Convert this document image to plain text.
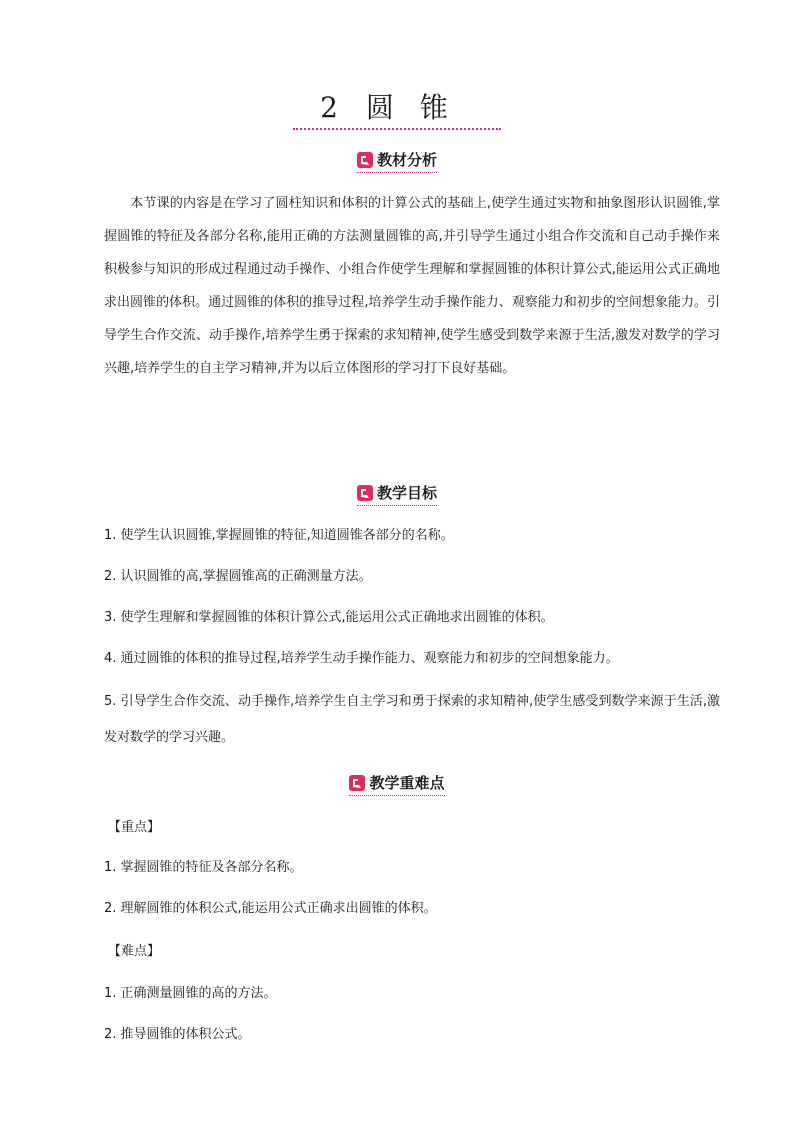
2 圆锥
教材分析
本节课的内容是在学习了圆柱知识和体积的计算公式的基础上,使学生通过实物和抽象图形认识圆锥,掌握圆锥的特征及各部分名称,能用正确的方法测量圆锥的高,并引导学生通过小组合作交流和自己动手操作来积极参与知识的形成过程通过动手操作、小组合作使学生理解和掌握圆锥的体积计算公式,能运用公式正确地求出圆锥的体积。通过圆锥的体积的推导过程,培养学生动手操作能力、观察能力和初步的空间想象能力。引导学生合作交流、动手操作,培养学生勇于探索的求知精神,使学生感受到数学来源于生活,激发对数学的学习兴趣,培养学生的自主学习精神,并为以后立体图形的学习打下良好基础。
教学目标
1. 使学生认识圆锥,掌握圆锥的特征,知道圆锥各部分的名称。
2. 认识圆锥的高,掌握圆锥高的正确测量方法。
3. 使学生理解和掌握圆锥的体积计算公式,能运用公式正确地求出圆锥的体积。
4. 通过圆锥的体积的推导过程,培养学生动手操作能力、观察能力和初步的空间想象能力。
5. 引导学生合作交流、动手操作,培养学生自主学习和勇于探索的求知精神,使学生感受到数学来源于生活,激发对数学的学习兴趣。
教学重难点
【重点】
1. 掌握圆锥的特征及各部分名称。
2. 理解圆锥的体积公式,能运用公式正确求出圆锥的体积。
【难点】
1. 正确测量圆锥的高的方法。
2. 推导圆锥的体积公式。
